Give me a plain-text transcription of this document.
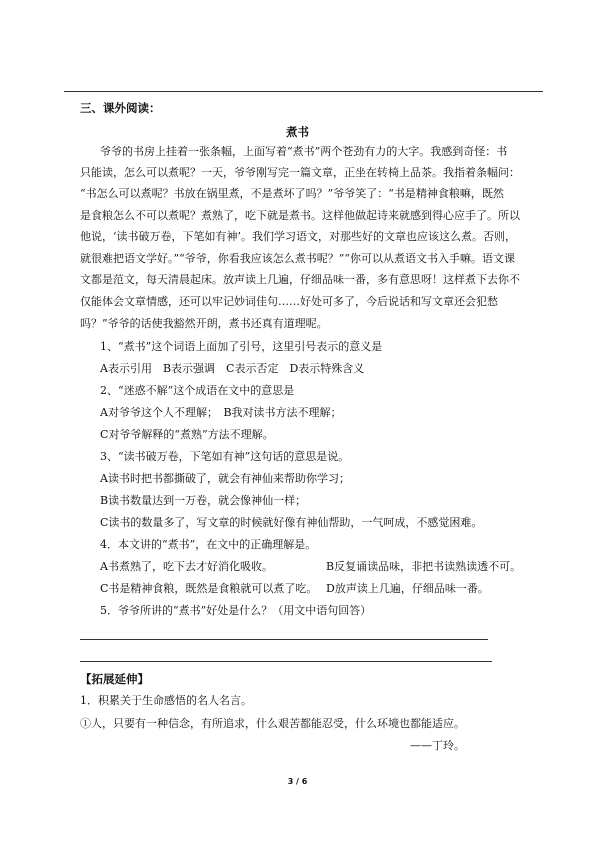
三、课外阅读：
煮书
爷爷的书房上挂着一张条幅，上面写着“煮书”两个苍劲有力的大字。我感到奇怪：书
只能读，怎么可以煮呢？一天，爷爷刚写完一篇文章，正坐在转椅上品茶。我指着条幅问：
“书怎么可以煮呢？书放在锅里煮，不是煮坏了吗？”爷爷笑了：“书是精神食粮嘛，既然
是食粮怎么不可以煮呢？煮熟了，吃下就是煮书。这样他做起诗来就感到得心应手了。所以
他说，‘读书破万卷，下笔如有神’。我们学习语文，对那些好的文章也应该这么煮。否则，
就很难把语文学好。”“爷爷，你看我应该怎么煮书呢？”“你可以从煮语文书入手嘛。语文课
文都是范文，每天清晨起床。放声读上几遍，仔细品味一番，多有意思呀！这样煮下去你不
仅能体会文章情感，还可以牢记妙词佳句……好处可多了，今后说话和写文章还会犯愁
吗？”爷爷的话使我豁然开朗，煮书还真有道理呢。
1、“煮书”这个词语上面加了引号，这里引号表示的意义是
A表示引用　B表示强调　C表示否定　D表示特殊含义
2、“迷惑不解”这个成语在文中的意思是
A对爷爷这个人不理解；　B我对读书方法不理解；
C对爷爷解释的“煮熟”方法不理解。
3、“读书破万卷，下笔如有神”这句话的意思是说。
A读书时把书都撕破了，就会有神仙来帮助你学习；
B读书数量达到一万卷，就会像神仙一样；
C读书的数量多了，写文章的时候就好像有神仙帮助，一气呵成，不感觉困难。
4．本文讲的“煮书”，在文中的正确理解是。
A书煮熟了，吃下去才好消化吸收。	B反复诵读品味，非把书读熟读透不可。
C书是精神食粮，既然是食粮就可以煮了吃。 D放声读上几遍，仔细品味一番。
5．爷爷所讲的“煮书”好处是什么？（用文中语句回答）
【拓展延伸】
1．积累关于生命感悟的名人名言。
①人，只要有一种信念，有所追求，什么艰苦都能忍受，什么环境也都能适应。
——丁玲。
3 / 6
